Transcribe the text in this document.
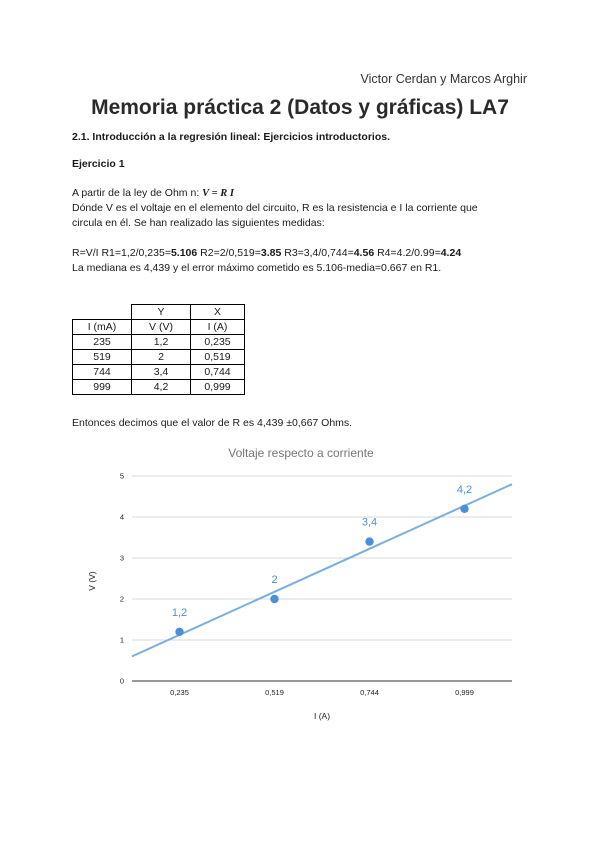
Victor Cerdan y Marcos Arghir
Memoria práctica 2 (Datos y gráficas) LA7
2.1. Introducción a la regresión lineal: Ejercicios introductorios.
Ejercicio 1
A partir de la ley de Ohm n: V = R I
Dónde V es el voltaje en el elemento del circuito, R es la resistencia e I la corriente que
circula en él. Se han realizado las siguientes medidas:
R=V/I R1=1,2/0,235=5.106 R2=2/0,519=3.85 R3=3,4/0,744=4.56 R4=4.2/0.99=4.24
La mediana es 4,439 y el error máximo cometido es 5.106-media=0.667 en R1.
	Y	X
I (mA)	V (V)	I (A)
235	1,2	0,235
519	2	0,519
744	3,4	0,744
999	4,2	0,999
Entonces decimos que el valor de R es 4,439 ±0,667 Ohms.
Voltaje respecto a corriente
0
1
2
3
4
5
0,235	0,519	0,744	0,999
1,2
2
3,4
4,2
I (A)
V (V)
